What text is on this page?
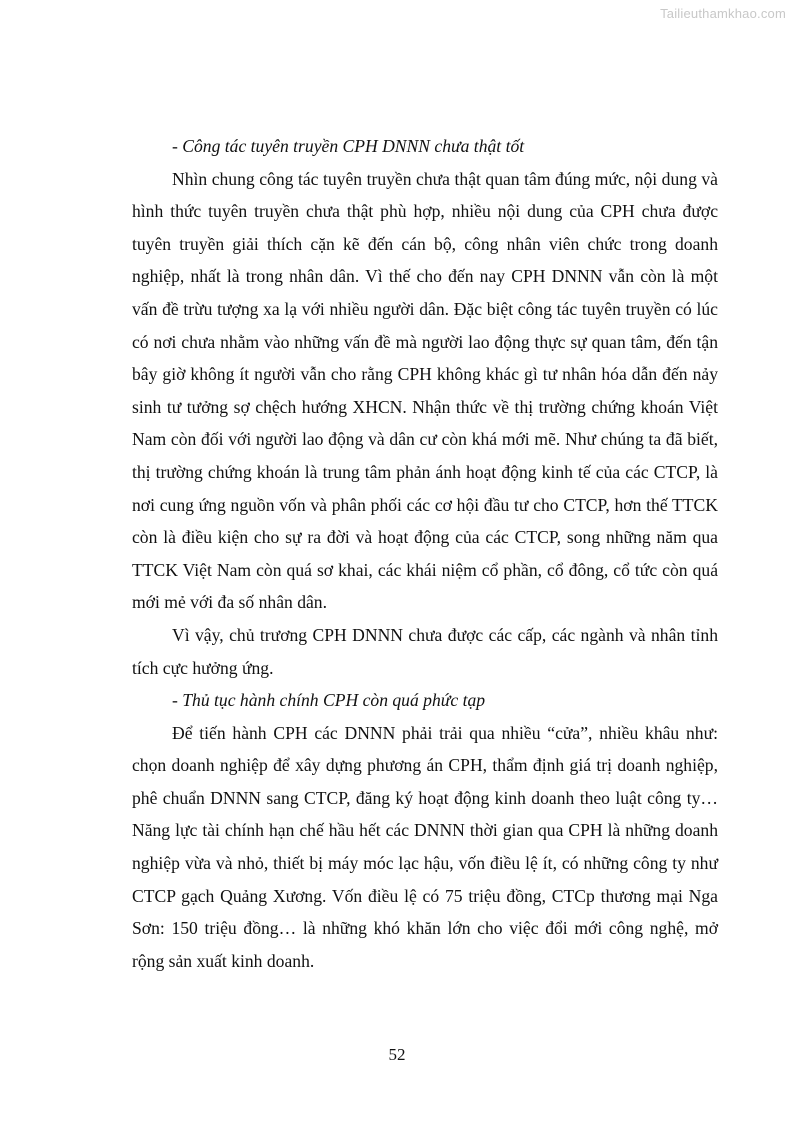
Tailieuthamkhao.com

- Công tác tuyên truyền CPH DNNN chưa thật tốt

Nhìn chung công tác tuyên truyền chưa thật quan tâm đúng mức, nội dung và hình thức tuyên truyền chưa thật phù hợp, nhiều nội dung của CPH chưa được tuyên truyền giải thích cặn kẽ đến cán bộ, công nhân viên chức trong doanh nghiệp, nhất là trong nhân dân. Vì thế cho đến nay CPH DNNN vẫn còn là một vấn đề trừu tượng xa lạ với nhiều người dân. Đặc biệt công tác tuyên truyền có lúc có nơi chưa nhằm vào những vấn đề mà người lao động thực sự quan tâm, đến tận bây giờ không ít người vẫn cho rằng CPH không khác gì tư nhân hóa dẫn đến nảy sinh tư tưởng sợ chệch hướng XHCN. Nhận thức về thị trường chứng khoán Việt Nam còn đối với người lao động và dân cư còn khá mới mẽ. Như chúng ta đã biết, thị trường chứng khoán là trung tâm phản ánh hoạt động kinh tế của các CTCP, là nơi cung ứng nguồn vốn và phân phối các cơ hội đầu tư cho CTCP, hơn thế TTCK còn là điều kiện cho sự ra đời và hoạt động của các CTCP, song những năm qua TTCK Việt Nam còn quá sơ khai, các khái niệm cổ phần, cổ đông, cổ tức còn quá mới mẻ với đa số nhân dân.

Vì vậy, chủ trương CPH DNNN chưa được các cấp, các ngành và nhân tỉnh tích cực hưởng ứng.

- Thủ tục hành chính CPH còn quá phức tạp

Để tiến hành CPH các DNNN phải trải qua nhiều “cửa”, nhiều khâu như: chọn doanh nghiệp để xây dựng phương án CPH, thẩm định giá trị doanh nghiệp, phê chuẩn DNNN sang CTCP, đăng ký hoạt động kinh doanh theo luật công ty… Năng lực tài chính hạn chế hầu hết các DNNN thời gian qua CPH là những doanh nghiệp vừa và nhỏ, thiết bị máy móc lạc hậu, vốn điều lệ ít, có những công ty như CTCP gạch Quảng Xương. Vốn điều lệ có 75 triệu đồng, CTCp thương mại Nga Sơn: 150 triệu đồng… là những khó khăn lớn cho việc đổi mới công nghệ, mở rộng sản xuất kinh doanh.

52
